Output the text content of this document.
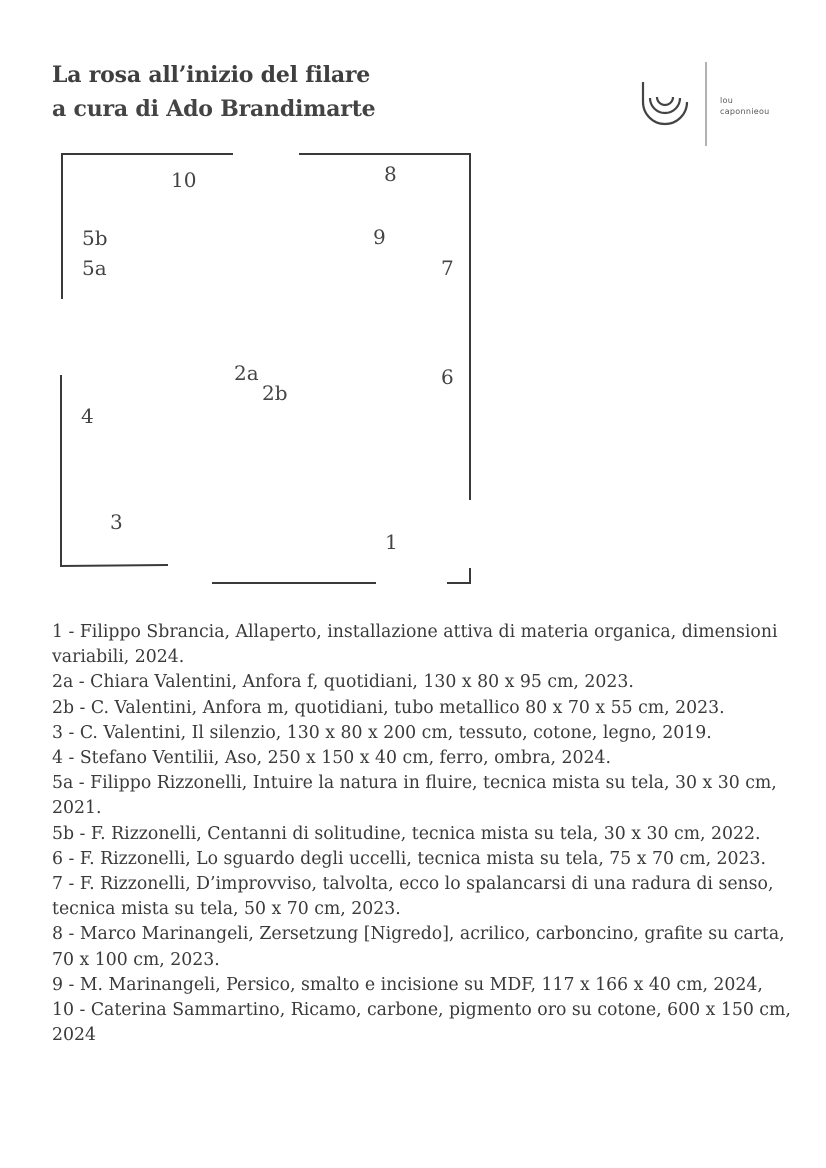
La rosa all’inizio del filare
a cura di Ado Brandimarte	lou
caponnieou
10	8
5b
5a
9
7
2a
2b
6
4
3
1
1 - Filippo Sbrancia, Allaperto, installazione attiva di materia organica, dimensioni variabili, 2024.
2a - Chiara Valentini, Anfora f, quotidiani, 130 x 80 x 95 cm, 2023.
2b - C. Valentini, Anfora m, quotidiani, tubo metallico 80 x 70 x 55 cm, 2023.
3 - C. Valentini, Il silenzio, 130 x 80 x 200 cm, tessuto, cotone, legno, 2019.
4 - Stefano Ventilii, Aso, 250 x 150 x 40 cm, ferro, ombra, 2024.
5a - Filippo Rizzonelli, Intuire la natura in fluire, tecnica mista su tela, 30 x 30 cm, 2021.
5b - F. Rizzonelli, Centanni di solitudine, tecnica mista su tela, 30 x 30 cm, 2022.
6 - F. Rizzonelli, Lo sguardo degli uccelli, tecnica mista su tela, 75 x 70 cm, 2023.
7 - F. Rizzonelli, D’improvviso, talvolta, ecco lo spalancarsi di una radura di senso, tecnica mista su tela, 50 x 70 cm, 2023.
8 - Marco Marinangeli, Zersetzung [Nigredo], acrilico, carboncino, grafite su carta, 70 x 100 cm, 2023.
9 - M. Marinangeli, Persico, smalto e incisione su MDF, 117 x 166 x 40 cm, 2024,
10 - Caterina Sammartino, Ricamo, carbone, pigmento oro su cotone, 600 x 150 cm, 2024
